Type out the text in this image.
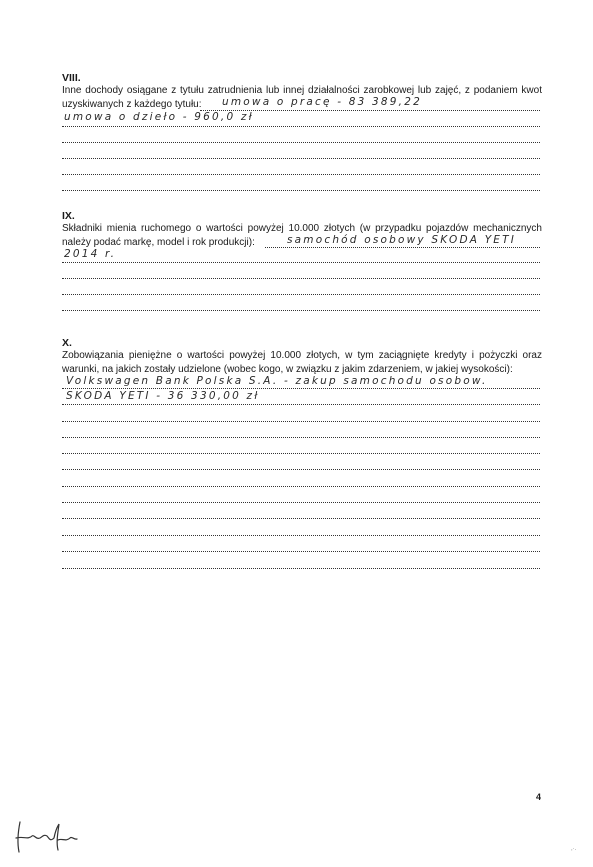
VIII.

Inne dochody osiągane z tytułu zatrudnienia lub innej działalności zarobkowej lub zajęć, z podaniem kwot uzyskiwanych z każdego tytułu:	umowa o pracę - 83 389,22
umowa o dzieło - 960,0 zł

IX.

Składniki mienia ruchomego o wartości powyżej 10.000 złotych (w przypadku pojazdów mechanicznych należy podać markę, model i rok produkcji):	samochód osobowy SKODA YETI
2014 r.

X.

Zobowiązania pieniężne o wartości powyżej 10.000 złotych, w tym zaciągnięte kredyty i pożyczki oraz warunki, na jakich zostały udzielone (wobec kogo, w związku z jakim zdarzeniem, w jakiej wysokości):

Volkswagen Bank Polska S.A. - zakup samochodu osobow.
SKODA YETI - 36 330,00 zł
4
,·.
